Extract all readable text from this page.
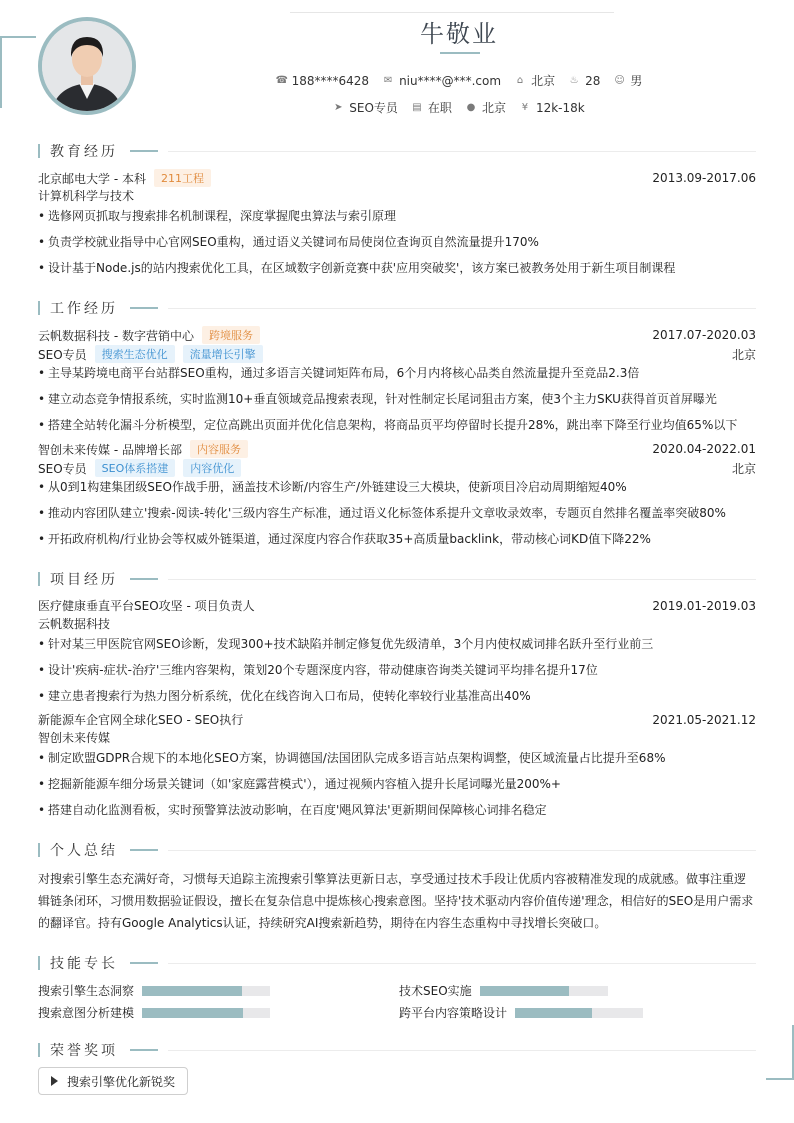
牛敬业
☎ 188****6428 ✉ niu****@***.com ⌂ 北京 ♨ 28 ☺ 男
➤ SEO专员 ▤ 在职 ● 北京 ¥ 12k-18k
教育经历
北京邮电大学 - 本科	211工程	2013.09-2017.06
计算机科学与技术
• 选修网页抓取与搜索排名机制课程，深度掌握爬虫算法与索引原理
• 负责学校就业指导中心官网SEO重构，通过语义关键词布局使岗位查询页自然流量提升170%
• 设计基于Node.js的站内搜索优化工具，在区域数字创新竞赛中获'应用突破奖'，该方案已被教务处用于新生项目制课程
工作经历
云帆数据科技 - 数字营销中心	跨境服务	2017.07-2020.03
SEO专员	搜索生态优化	流量增长引擎	北京
• 主导某跨境电商平台站群SEO重构，通过多语言关键词矩阵布局，6个月内将核心品类自然流量提升至竞品2.3倍
• 建立动态竞争情报系统，实时监测10+垂直领域竞品搜索表现，针对性制定长尾词狙击方案，使3个主力SKU获得首页首屏曝光
• 搭建全站转化漏斗分析模型，定位高跳出页面并优化信息架构，将商品页平均停留时长提升28%，跳出率下降至行业均值65%以下
智创未来传媒 - 品牌增长部	内容服务	2020.04-2022.01
SEO专员	SEO体系搭建	内容优化	北京
• 从0到1构建集团级SEO作战手册，涵盖技术诊断/内容生产/外链建设三大模块，使新项目冷启动周期缩短40%
• 推动内容团队建立'搜索-阅读-转化'三级内容生产标准，通过语义化标签体系提升文章收录效率，专题页自然排名覆盖率突破80%
• 开拓政府机构/行业协会等权威外链渠道，通过深度内容合作获取35+高质量backlink，带动核心词KD值下降22%
项目经历
医疗健康垂直平台SEO攻坚 - 项目负责人	2019.01-2019.03
云帆数据科技
• 针对某三甲医院官网SEO诊断，发现300+技术缺陷并制定修复优先级清单，3个月内使权威词排名跃升至行业前三
• 设计'疾病-症状-治疗'三维内容架构，策划20个专题深度内容，带动健康咨询类关键词平均排名提升17位
• 建立患者搜索行为热力图分析系统，优化在线咨询入口布局，使转化率较行业基准高出40%
新能源车企官网全球化SEO - SEO执行	2021.05-2021.12
智创未来传媒
• 制定欧盟GDPR合规下的本地化SEO方案，协调德国/法国团队完成多语言站点架构调整，使区域流量占比提升至68%
• 挖掘新能源车细分场景关键词（如'家庭露营模式'），通过视频内容植入提升长尾词曝光量200%+
• 搭建自动化监测看板，实时预警算法波动影响，在百度'飓风算法'更新期间保障核心词排名稳定
个人总结
对搜索引擎生态充满好奇，习惯每天追踪主流搜索引擎算法更新日志，享受通过技术手段让优质内容被精准发现的成就感。做事注重逻辑链条闭环，习惯用数据验证假设，擅长在复杂信息中提炼核心搜索意图。坚持'技术驱动内容价值传递'理念，相信好的SEO是用户需求的翻译官。持有Google Analytics认证，持续研究AI搜索新趋势，期待在内容生态重构中寻找增长突破口。
技能专长
搜索引擎生态洞察	技术SEO实施
搜索意图分析建模	跨平台内容策略设计
荣誉奖项
搜索引擎优化新锐奖
